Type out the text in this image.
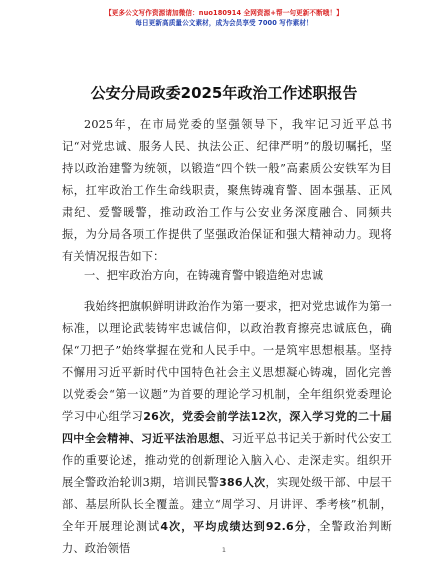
【更多公文写作资源请加微信：nuo180914 全网资源+帮一句更新不断哦！】
每日更新高质量公文素材，成为会员享受 7000 写作素材！
公安分局政委2025年政治工作述职报告
2025年，在市局党委的坚强领导下，我牢记习近平总书记“对党忠诚、服务人民、执法公正、纪律严明”的殷切嘱托，坚持以政治建警为统领，以锻造“四个铁一般”高素质公安铁军为目标，扛牢政治工作生命线职责，聚焦铸魂育警、固本强基、正风肃纪、爱警暖警，推动政治工作与公安业务深度融合、同频共振，为分局各项工作提供了坚强政治保证和强大精神动力。现将有关情况报告如下：
一、把牢政治方向，在铸魂育警中锻造绝对忠诚
我始终把旗帜鲜明讲政治作为第一要求，把对党忠诚作为第一标准，以理论武装铸牢忠诚信仰，以政治教育擦亮忠诚底色，确保“刀把子”始终掌握在党和人民手中。一是筑牢思想根基。坚持不懈用习近平新时代中国特色社会主义思想凝心铸魂，固化完善以党委会“第一议题”为首要的理论学习机制，全年组织党委理论学习中心组学习26次，党委会前学法12次，深入学习党的二十届四中全会精神、习近平法治思想、习近平总书记关于新时代公安工作的重要论述，推动党的创新理论入脑入心、走深走实。组织开展全警政治轮训3期，培训民警386人次，实现处级干部、中层干部、基层所队长全覆盖。建立“周学习、月讲评、季考核”机制，全年开展理论测试4次，平均成绩达到92.6分，全警政治判断力、政治领悟	1
